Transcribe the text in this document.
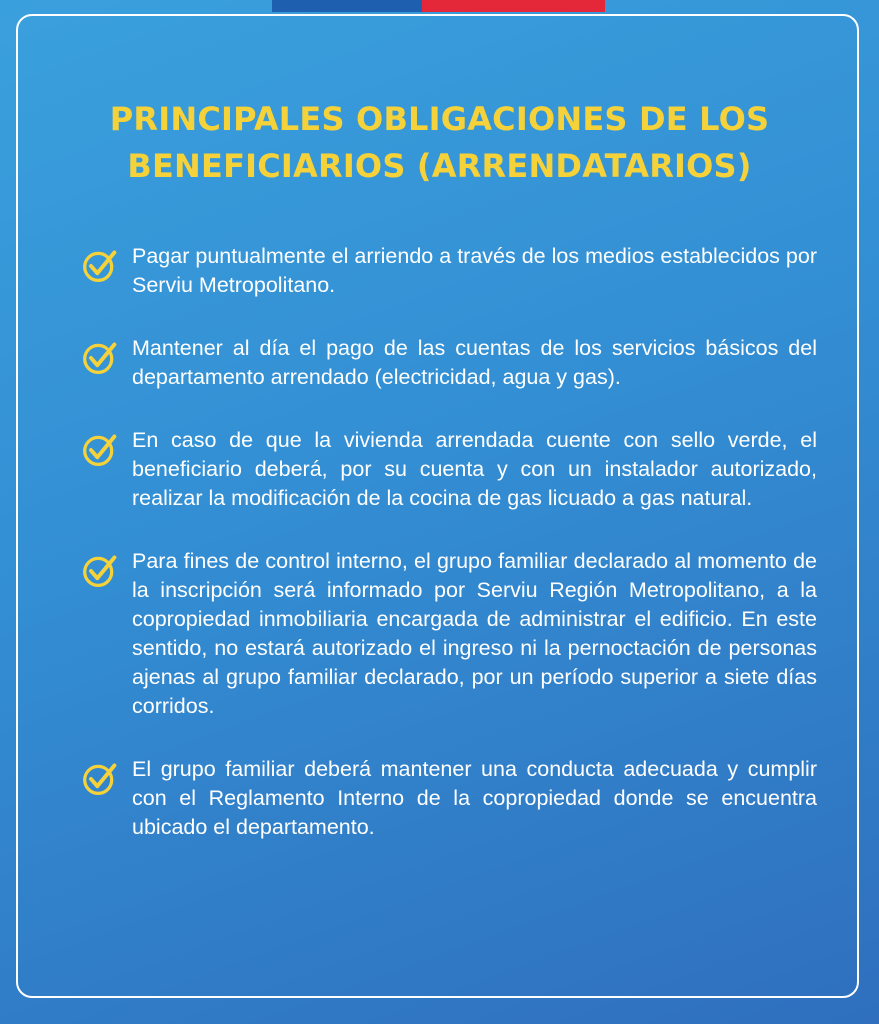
PRINCIPALES OBLIGACIONES DE LOS BENEFICIARIOS (ARRENDATARIOS)

Pagar puntualmente el arriendo a través de los medios establecidos por Serviu Metropolitano.

Mantener al día el pago de las cuentas de los servicios básicos del departamento arrendado (electricidad, agua y gas).

En caso de que la vivienda arrendada cuente con sello verde, el beneficiario deberá, por su cuenta y con un instalador autorizado, realizar la modificación de la cocina de gas licuado a gas natural.

Para fines de control interno, el grupo familiar declarado al momento de la inscripción será informado por Serviu Región Metropolitano, a la copropiedad inmobiliaria encargada de administrar el edificio. En este sentido, no estará autorizado el ingreso ni la pernoctación de personas ajenas al grupo familiar declarado, por un período superior a siete días corridos.

El grupo familiar deberá mantener una conducta adecuada y cumplir con el Reglamento Interno de la copropiedad donde se encuentra ubicado el departamento.
